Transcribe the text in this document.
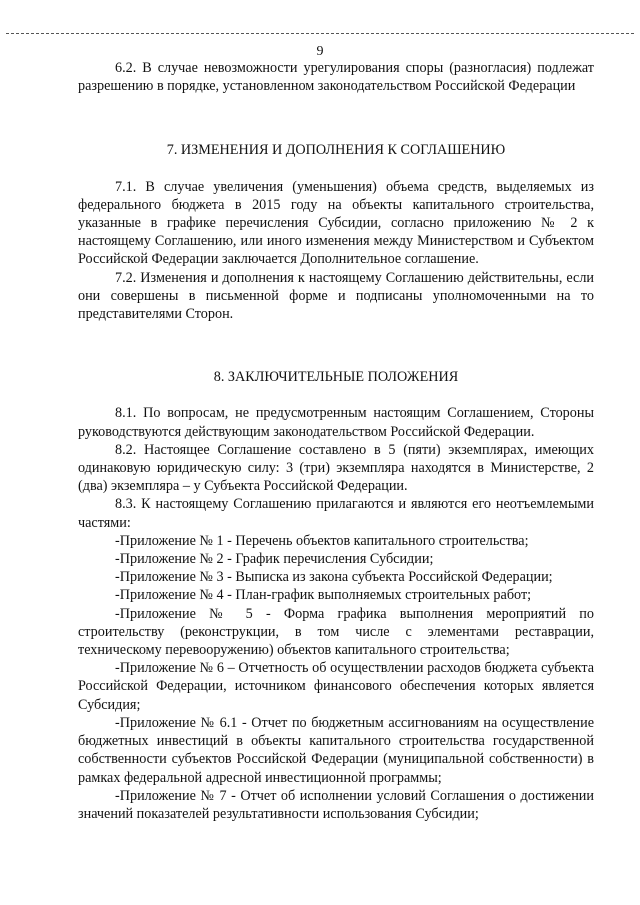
9

6.2. В случае невозможности урегулирования споры (разногласия) подлежат разрешению в порядке, установленном законодательством Российской Федерации

7. ИЗМЕНЕНИЯ И ДОПОЛНЕНИЯ К СОГЛАШЕНИЮ

7.1. В случае увеличения (уменьшения) объема средств, выделяемых из федерального бюджета в 2015 году на объекты капитального строительства, указанные в графике перечисления Субсидии, согласно приложению № 2 к настоящему Соглашению, или иного изменения между Министерством и Субъектом Российской Федерации заключается Дополнительное соглашение.

7.2. Изменения и дополнения к настоящему Соглашению действительны, если они совершены в письменной форме и подписаны уполномоченными на то представителями Сторон.

8. ЗАКЛЮЧИТЕЛЬНЫЕ ПОЛОЖЕНИЯ

8.1. По вопросам, не предусмотренным настоящим Соглашением, Стороны руководствуются действующим законодательством Российской Федерации.

8.2. Настоящее Соглашение составлено в 5 (пяти) экземплярах, имеющих одинаковую юридическую силу: 3 (три) экземпляра находятся в Министерстве, 2 (два) экземпляра – у Субъекта Российской Федерации.

8.3. К настоящему Соглашению прилагаются и являются его неотъемлемыми частями:

-Приложение № 1 - Перечень объектов капитального строительства;

-Приложение № 2 - График перечисления Субсидии;

-Приложение № 3 - Выписка из закона субъекта Российской Федерации;

-Приложение № 4 - План-график выполняемых строительных работ;

-Приложение № 5 - Форма графика выполнения мероприятий по строительству (реконструкции, в том числе с элементами реставрации, техническому перевооружению) объектов капитального строительства;

-Приложение № 6 – Отчетность об осуществлении расходов бюджета субъекта Российской Федерации, источником финансового обеспечения которых является Субсидия;

-Приложение № 6.1 - Отчет по бюджетным ассигнованиям на осуществление бюджетных инвестиций в объекты капитального строительства государственной собственности субъектов Российской Федерации (муниципальной собственности) в рамках федеральной адресной инвестиционной программы;

-Приложение № 7 - Отчет об исполнении условий Соглашения о достижении значений показателей результативности использования Субсидии;
